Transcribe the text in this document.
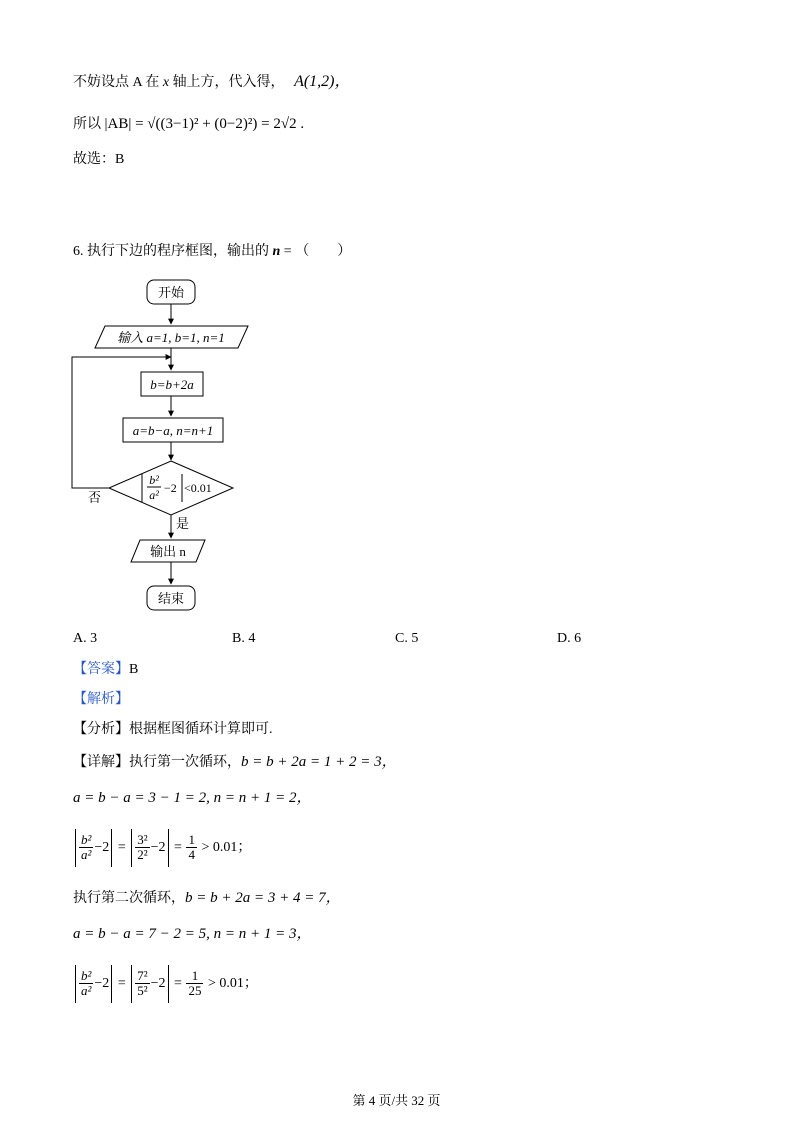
不妨设点 A 在 x 轴上方，代入得， A(1,2)，
所以 |AB| = √((3−1)² + (0−2)²) = 2√2 .
故选：B
6. 执行下边的程序框图，输出的 n = （　　）
开始
输入 a=1, b=1, n=1
b=b+2a
a=b−a, n=n+1
b²
a² −2 <0.01
否
是
输出 n
结束
A. 3	B. 4	C. 5	D. 6
【答案】B
【解析】
【分析】根据框图循环计算即可.
【详解】执行第一次循环，b = b + 2a = 1 + 2 = 3，
a = b − a = 3 − 1 = 2, n = n + 1 = 2，
$\frac{\text{b²}}{\text{a²}} -2 = \frac{\text{3²}}{\text{2²}} -2 = \frac{1}{4} > 0.01$；
执行第二次循环，b = b + 2a = 3 + 4 = 7，
a = b − a = 7 − 2 = 5, n = n + 1 = 3，
$\frac{\text{b²}}{\text{a²}} -2 = \frac{\text{7²}}{\text{5²}} -2 = \frac{1}{25} > 0.01$；
第 4 页/共 32 页
